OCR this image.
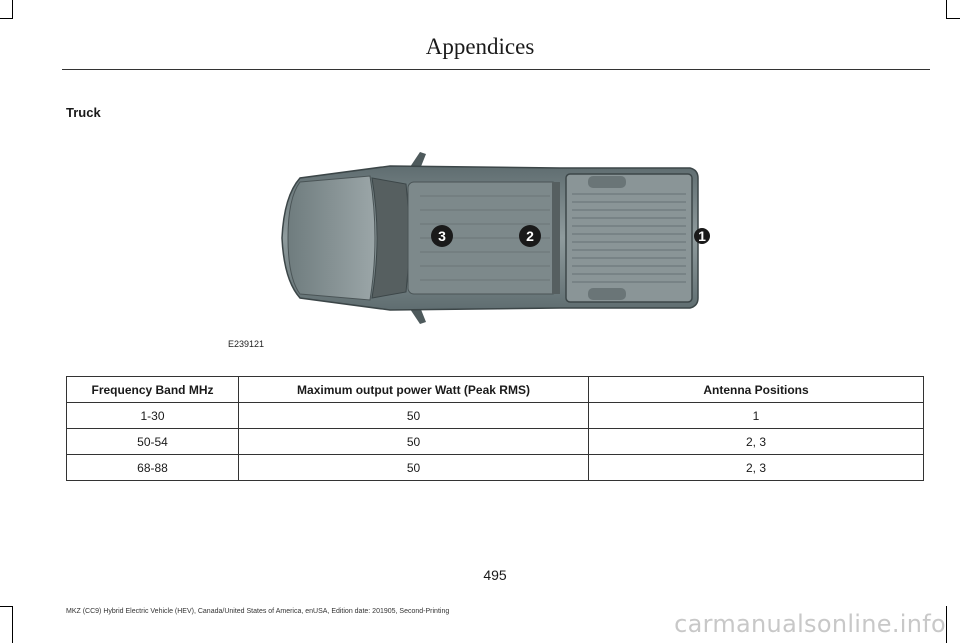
Appendices
Truck
3	2	1
E239121
Frequency Band MHz	Maximum output power Watt (Peak RMS)	Antenna Positions
1-30	50	1
50-54	50	2, 3
68-88	50	2, 3
495
MKZ (CC9) Hybrid Electric Vehicle (HEV), Canada/United States of America, enUSA, Edition date: 201905, Second-Printing	carmanualsonline.info
